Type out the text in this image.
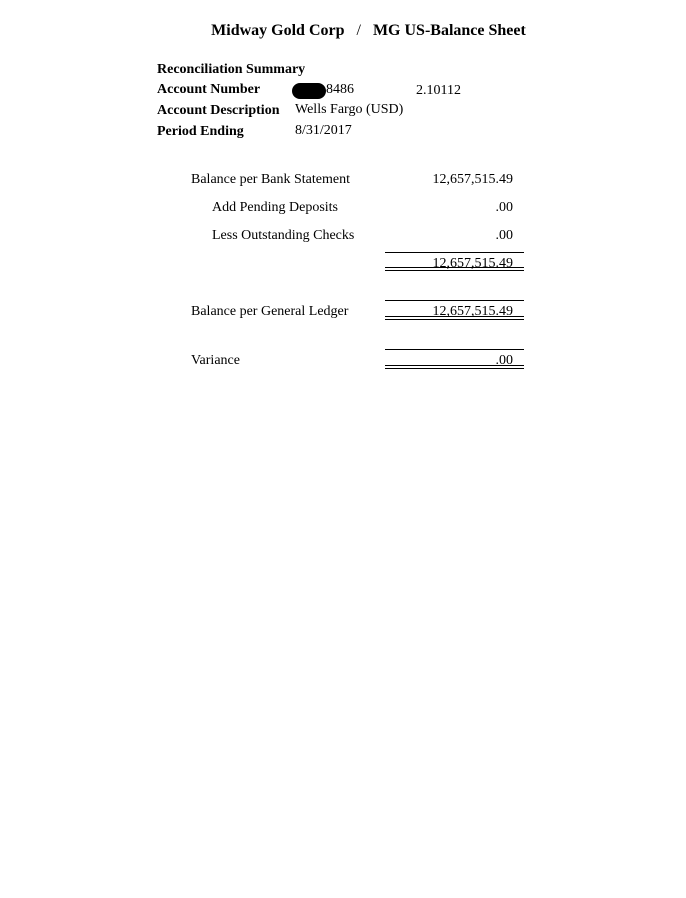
Midway Gold Corp / MG US-Balance Sheet
Reconciliation Summary
Account Number	8486	2.10112
Account Description Wells Fargo (USD)
Period Ending	8/31/2017
Balance per Bank Statement	12,657,515.49
Add Pending Deposits	.00
Less Outstanding Checks	.00
12,657,515.49
Balance per General Ledger	12,657,515.49
Variance	.00
